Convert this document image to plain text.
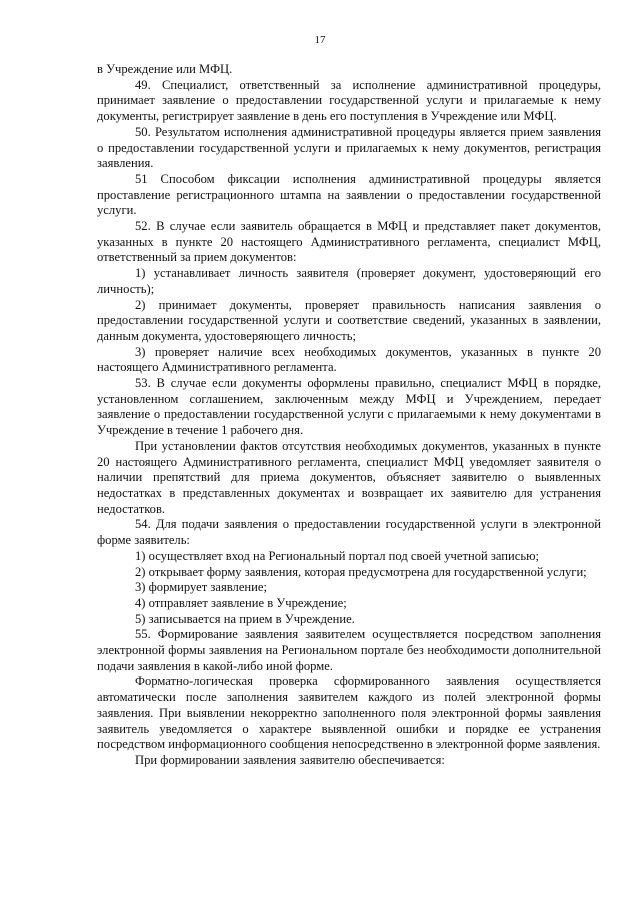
17

в Учреждение или МФЦ.

49. Специалист, ответственный за исполнение административной процедуры, принимает заявление о предоставлении государственной услуги и прилагаемые к нему документы, регистрирует заявление в день его поступления в Учреждение или МФЦ.

50. Результатом исполнения административной процедуры является прием заявления о предоставлении государственной услуги и прилагаемых к нему документов, регистрация заявления.

51 Способом фиксации исполнения административной процедуры является проставление регистрационного штампа на заявлении о предоставлении государственной услуги.

52. В случае если заявитель обращается в МФЦ и представляет пакет документов, указанных в пункте 20 настоящего Административного регламента, специалист МФЦ, ответственный за прием документов:

1) устанавливает личность заявителя (проверяет документ, удостоверяющий его личность);

2) принимает документы, проверяет правильность написания заявления о предоставлении государственной услуги и соответствие сведений, указанных в заявлении, данным документа, удостоверяющего личность;

3) проверяет наличие всех необходимых документов, указанных в пункте 20 настоящего Административного регламента.

53. В случае если документы оформлены правильно, специалист МФЦ в порядке, установленном соглашением, заключенным между МФЦ и Учреждением, передает заявление о предоставлении государственной услуги с прилагаемыми к нему документами в Учреждение в течение 1 рабочего дня.

При установлении фактов отсутствия необходимых документов, указанных в пункте 20 настоящего Административного регламента, специалист МФЦ уведомляет заявителя о наличии препятствий для приема документов, объясняет заявителю о выявленных недостатках в представленных документах и возвращает их заявителю для устранения недостатков.

54. Для подачи заявления о предоставлении государственной услуги в электронной форме заявитель:

1) осуществляет вход на Региональный портал под своей учетной записью;

2) открывает форму заявления, которая предусмотрена для государственной услуги;

3) формирует заявление;

4) отправляет заявление в Учреждение;

5) записывается на прием в Учреждение.

55. Формирование заявления заявителем осуществляется посредством заполнения электронной формы заявления на Региональном портале без необходимости дополнительной подачи заявления в какой-либо иной форме.

Форматно-логическая проверка сформированного заявления осуществляется автоматически после заполнения заявителем каждого из полей электронной формы заявления. При выявлении некорректно заполненного поля электронной формы заявления заявитель уведомляется о характере выявленной ошибки и порядке ее устранения посредством информационного сообщения непосредственно в электронной форме заявления.

При формировании заявления заявителю обеспечивается:
